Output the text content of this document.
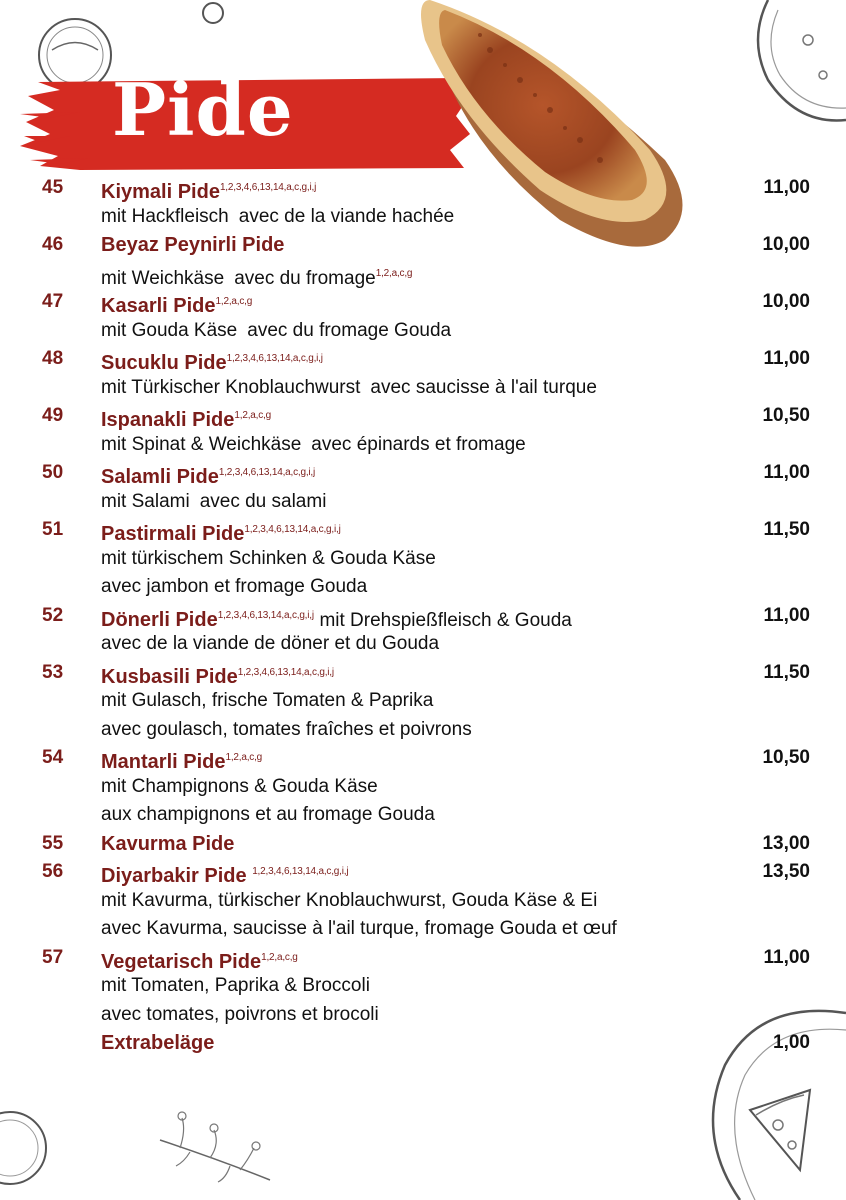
Pide
45 Kiymali Pide$^{1,2,3,4,6,13,14,a,c,g,i,j}$	11,00
mit Hackfleisch avec de la viande hachée
46 Beyaz Peynirli Pide	10,00
mit Weichkäse avec du fromage$^{1,2,a,c,g}$
47 Kasarli Pide$^{1,2,a,c,g}$	10,00
mit Gouda Käse avec du fromage Gouda
48 Sucuklu Pide$^{1,2,3,4,6,13,14,a,c,g,i,j}$	11,00
mit Türkischer Knoblauchwurst avec saucisse à l'ail turque
49 Ispanakli Pide$^{1,2,a,c,g}$	10,50
mit Spinat & Weichkäse avec épinards et fromage
50 Salamli Pide$^{1,2,3,4,6,13,14,a,c,g,i,j}$	11,00
mit Salami avec du salami
51 Pastirmali Pide$^{1,2,3,4,6,13,14,a,c,g,i,j}$	11,50
mit türkischem Schinken & Gouda Käse
avec jambon et fromage Gouda
52 Dönerli Pide$^{1,2,3,4,6,13,14,a,c,g,i,j}$ mit Drehspießfleisch & Gouda	11,00
avec de la viande de döner et du Gouda
53 Kusbasili Pide$^{1,2,3,4,6,13,14,a,c,g,i,j}$	11,50
mit Gulasch, frische Tomaten & Paprika
avec goulasch, tomates fraîches et poivrons
54 Mantarli Pide$^{1,2,a,c,g}$	10,50
mit Champignons & Gouda Käse
aux champignons et au fromage Gouda
55 Kavurma Pide	13,00
56 Diyarbakir Pide $^{1,2,3,4,6,13,14,a,c,g,i,j}$	13,50
mit Kavurma, türkischer Knoblauchwurst, Gouda Käse & Ei
avec Kavurma, saucisse à l'ail turque, fromage Gouda et œuf
57 Vegetarisch Pide$^{1,2,a,c,g}$	11,00
mit Tomaten, Paprika & Broccoli
avec tomates, poivrons et brocoli
Extrabeläge	1,00
